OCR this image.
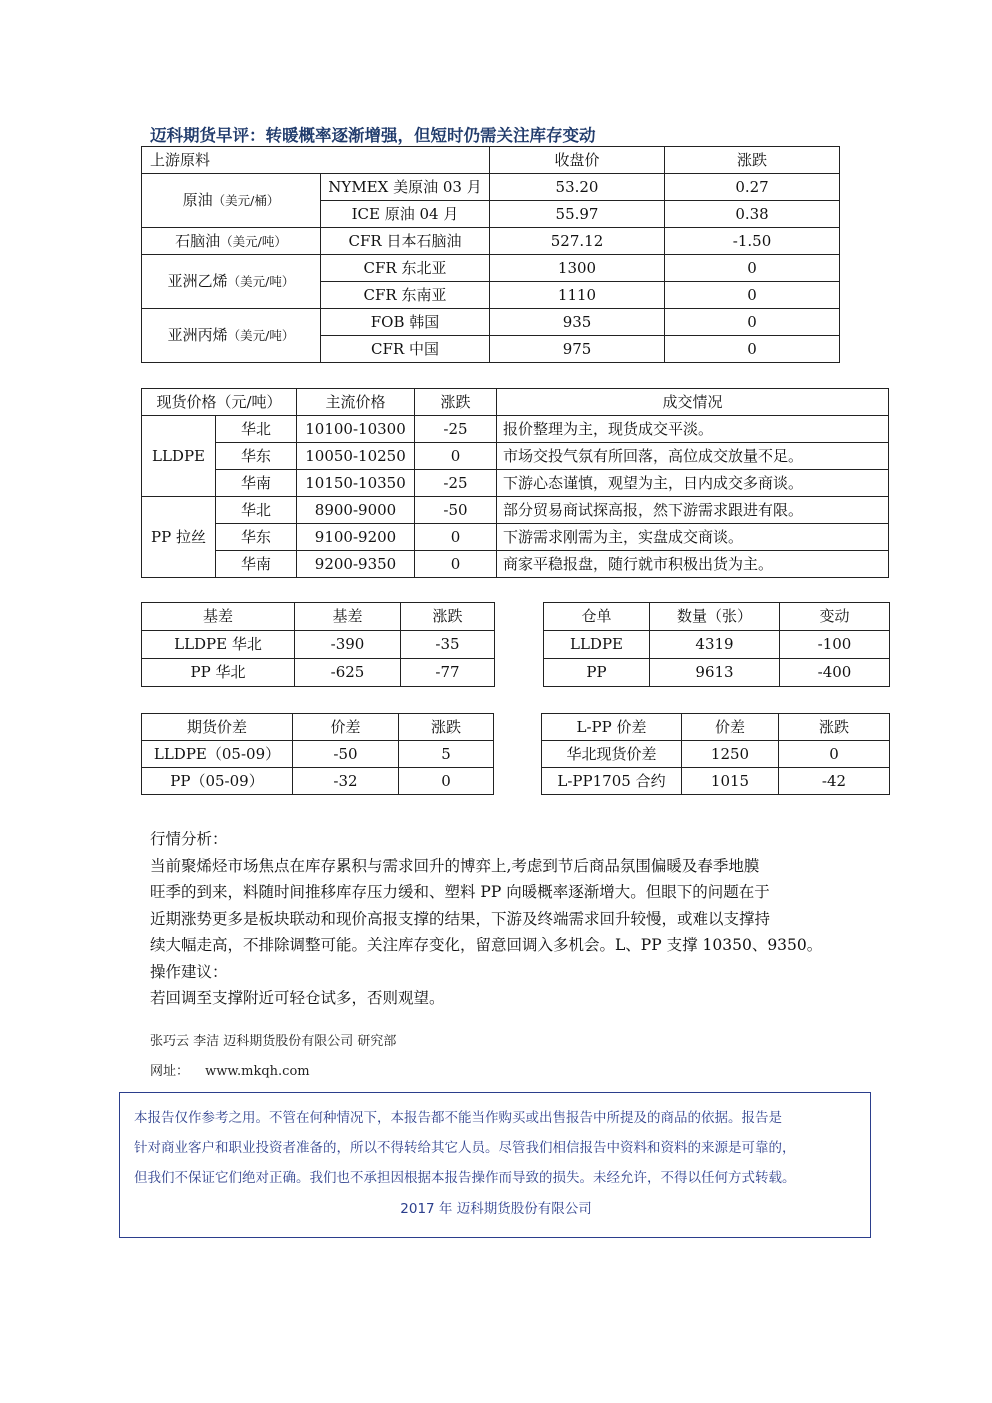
迈科期货早评：转暖概率逐渐增强，但短时仍需关注库存变动
上游原料		收盘价	涨跌
原油（美元/桶）	NYMEX 美原油 03 月	53.20	0.27
	ICE 原油 04 月	55.97	0.38
石脑油（美元/吨）	CFR 日本石脑油	527.12	-1.50
亚洲乙烯（美元/吨）	CFR 东北亚	1300	0
	CFR 东南亚	1110	0
亚洲丙烯（美元/吨）	FOB 韩国	935	0
	CFR 中国	975	0
现货价格（元/吨）		主流价格	涨跌	成交情况
LLDPE	华北	10100-10300	-25	报价整理为主，现货成交平淡。
	华东	10050-10250	0	市场交投气氛有所回落，高位成交放量不足。
	华南	10150-10350	-25	下游心态谨慎，观望为主，日内成交多商谈。
PP 拉丝	华北	8900-9000	-50	部分贸易商试探高报，然下游需求跟进有限。
	华东	9100-9200	0	下游需求刚需为主，实盘成交商谈。
	华南	9200-9350	0	商家平稳报盘，随行就市积极出货为主。
基差	基差	涨跌
LLDPE 华北	-390	-35
PP 华北	-625	-77
仓单	数量（张）	变动
LLDPE	4319	-100
PP	9613	-400
期货价差	价差	涨跌
LLDPE（05-09）	-50	5
PP（05-09）	-32	0
L-PP 价差	价差	涨跌
华北现货价差	1250	0
L-PP1705 合约	1015	-42

行情分析：

当前聚烯烃市场焦点在库存累积与需求回升的博弈上,考虑到节后商品氛围偏暖及春季地膜

旺季的到来，料随时间推移库存压力缓和、塑料 PP 向暖概率逐渐增大。但眼下的问题在于

近期涨势更多是板块联动和现价高报支撑的结果，下游及终端需求回升较慢，或难以支撑持

续大幅走高，不排除调整可能。关注库存变化，留意回调入多机会。L、PP 支撑 10350、9350。

操作建议：

若回调至支撑附近可轻仓试多，否则观望。

张巧云 李洁 迈科期货股份有限公司 研究部
网址： www.mkqh.com

本报告仅作参考之用。不管在何种情况下，本报告都不能当作购买或出售报告中所提及的商品的依据。报告是

针对商业客户和职业投资者准备的，所以不得转给其它人员。尽管我们相信报告中资料和资料的来源是可靠的，

但我们不保证它们绝对正确。我们也不承担因根据本报告操作而导致的损失。未经允许，不得以任何方式转载。

2017 年 迈科期货股份有限公司
